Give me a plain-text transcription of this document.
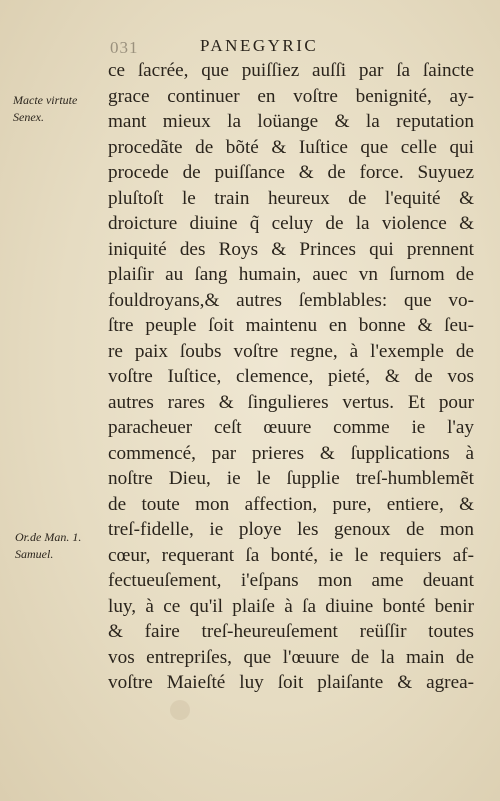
031	PANEGYRIC
Macte virtute
Senex.
Or.de Man. 1.
Samuel.
ce ſacrée, que puiſſiez auſſi par ſa ſaincte
grace continuer en voſtre benignité, ay-
mant mieux la loüange & la reputation
procedãte de bõté & Iuſtice que celle qui
procede de puiſſance & de force. Suyuez
pluſtoſt le train heureux de l'equité &
droicture diuine q̃ celuy de la violence &
iniquité des Roys & Princes qui prennent
plaiſir au ſang humain, auec vn ſurnom de
fouldroyans,& autres ſemblables: que vo-
ſtre peuple ſoit maintenu en bonne & ſeu-
re paix ſoubs voſtre regne, à l'exemple de
voſtre Iuſtice, clemence, pieté, & de vos
autres rares & ſingulieres vertus. Et pour
paracheuer ceſt œuure comme ie l'ay
commencé, par prieres & ſupplications à
noſtre Dieu, ie le ſupplie treſ-humblemẽt
de toute mon affection, pure, entiere, &
treſ-fidelle, ie ploye les genoux de mon
cœur, requerant ſa bonté, ie le requiers af-
fectueuſement, i'eſpans mon ame deuant
luy, à ce qu'il plaiſe à ſa diuine bonté benir
& faire treſ-heureuſement reüſſir toutes
vos entrepriſes, que l'œuure de la main de
voſtre Maieſté luy ſoit plaiſante & agrea-
